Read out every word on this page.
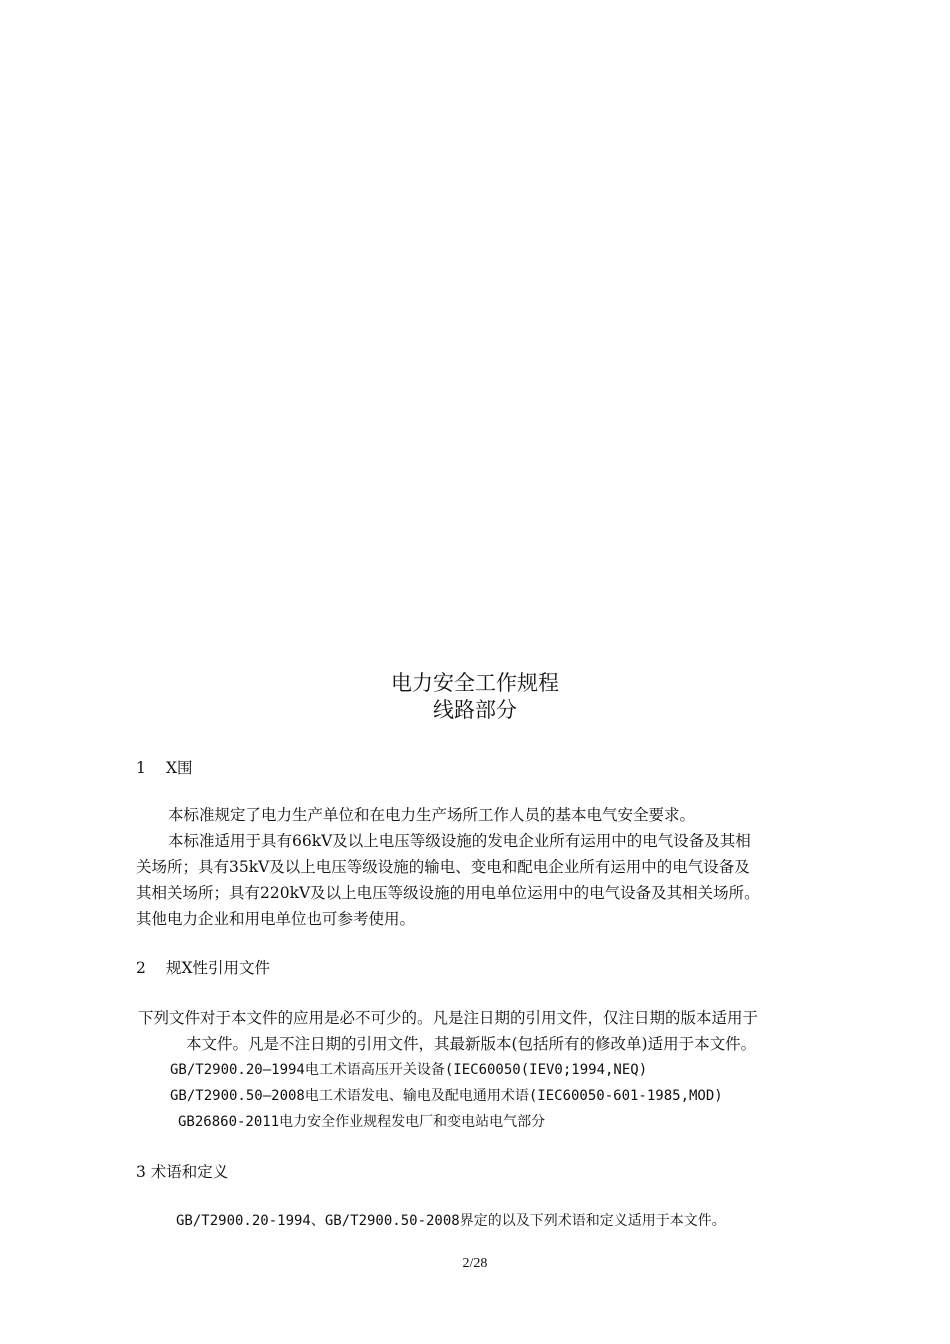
电力安全工作规程
线路部分
1 X围
本标准规定了电力生产单位和在电力生产场所工作人员的基本电气安全要求。
本标准适用于具有66kV及以上电压等级设施的发电企业所有运用中的电气设备及其相
关场所；具有35kV及以上电压等级设施的输电、变电和配电企业所有运用中的电气设备及
其相关场所；具有220kV及以上电压等级设施的用电单位运用中的电气设备及其相关场所。
其他电力企业和用电单位也可参考使用。
2 规X性引用文件
下列文件对于本文件的应用是必不可少的。凡是注日期的引用文件，仅注日期的版本适用于
本文件。凡是不注日期的引用文件，其最新版本(包括所有的修改单)适用于本文件。
GB/T2900.20—1994电工术语高压开关设备(IEC60050(IEV0;1994,NEQ)
GB/T2900.50—2008电工术语发电、输电及配电通用术语(IEC60050-601-1985,MOD)
GB26860-2011电力安全作业规程发电厂和变电站电气部分
3 术语和定义
GB/T2900.20-1994、GB/T2900.50-2008界定的以及下列术语和定义适用于本文件。
2/28
